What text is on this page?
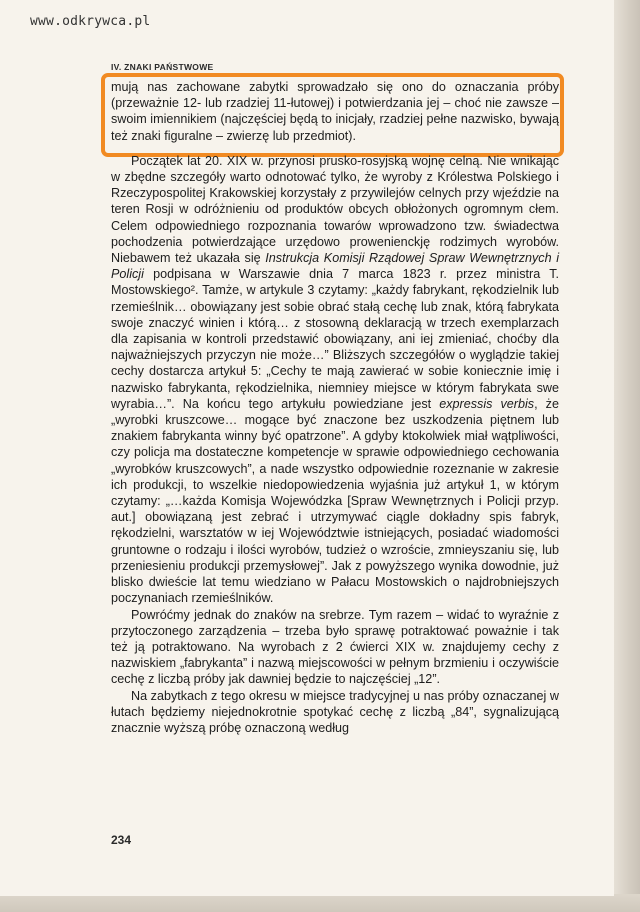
www.odkrywca.pl
IV. ZNAKI PAŃSTWOWE

mują nas zachowane zabytki sprowadzało się ono do oznaczania próby (przeważnie 12- lub rzadziej 11-łutowej) i potwierdzania jej – choć nie zawsze – swoim imiennikiem (najczęściej będą to inicjały, rzadziej pełne nazwisko, bywają też znaki figuralne – zwierzę lub przedmiot).

Początek lat 20. XIX w. przynosi prusko-rosyjską wojnę celną. Nie wnikając w zbędne szczegóły warto odnotować tylko, że wyroby z Królestwa Polskiego i Rzeczypospolitej Krakowskiej korzystały z przywilejów celnych przy wjeździe na teren Rosji w odróżnieniu od produktów obcych obłożonych ogromnym cłem. Celem odpowiedniego rozpoznania towarów wprowadzono tzw. świadectwa pochodzenia potwierdzające urzędowo prowenienckję rodzimych wyrobów. Niebawem też ukazała się Instrukcja Komisji Rządowej Spraw Wewnętrznych i Policji podpisana w Warszawie dnia 7 marca 1823 r. przez ministra T. Mostowskiego². Tamże, w artykule 3 czytamy: „każdy fabrykant, rękodzielnik lub rzemieślnik… obowiązany jest sobie obrać stałą cechę lub znak, którą fabrykata swoje znaczyć winien i którą… z stosowną deklaracją w trzech exemplarzach dla zapisania w kontroli przedstawić obowiązany, ani iej zmieniać, choćby dla najważniejszych przyczyn nie może…” Bliższych szczegółów o wyglądzie takiej cechy dostarcza artykuł 5: „Cechy te mają zawierać w sobie koniecznie imię i nazwisko fabrykanta, rękodzielnika, niemniey miejsce w którym fabrykata swe wyrabia…”. Na końcu tego artykułu powiedziane jest expressis verbis, że „wyrobki kruszcowe… mogące być znaczone bez uszkodzenia piętnem lub znakiem fabrykanta winny być opatrzone”. A gdyby ktokolwiek miał wątpliwości, czy policja ma dostateczne kompetencje w sprawie odpowiedniego cechowania „wyrobków kruszcowych”, a nade wszystko odpowiednie rozeznanie w zakresie ich produkcji, to wszelkie niedopowiedzenia wyjaśnia już artykuł 1, w którym czytamy: „…każda Komisja Wojewódzka [Spraw Wewnętrznych i Policji przyp. aut.] obowiązaną jest zebrać i utrzymywać ciągle dokładny spis fabryk, rękodzielni, warsztatów w iej Województwie istniejących, posiadać wiadomości gruntowne o rodzaju i ilości wyrobów, tudzież o wzroście, zmnieyszaniu się, lub przeniesieniu produkcji przemysłowej”. Jak z powyższego wynika dowodnie, już blisko dwieście lat temu wiedziano w Pałacu Mostowskich o najdrobniejszych poczynaniach rzemieślników.

Powróćmy jednak do znaków na srebrze. Tym razem – widać to wyraźnie z przytoczonego zarządzenia – trzeba było sprawę potraktować poważnie i tak też ją potraktowano. Na wyrobach z 2 ćwierci XIX w. znajdujemy cechy z nazwiskiem „fabrykanta” i nazwą miejscowości w pełnym brzmieniu i oczywiście cechę z liczbą próby jak dawniej będzie to najczęściej „12”.

Na zabytkach z tego okresu w miejsce tradycyjnej u nas próby oznaczanej w łutach będziemy niejednokrotnie spotykać cechę z liczbą „84”, sygnalizującą znacznie wyższą próbę oznaczoną według

234
